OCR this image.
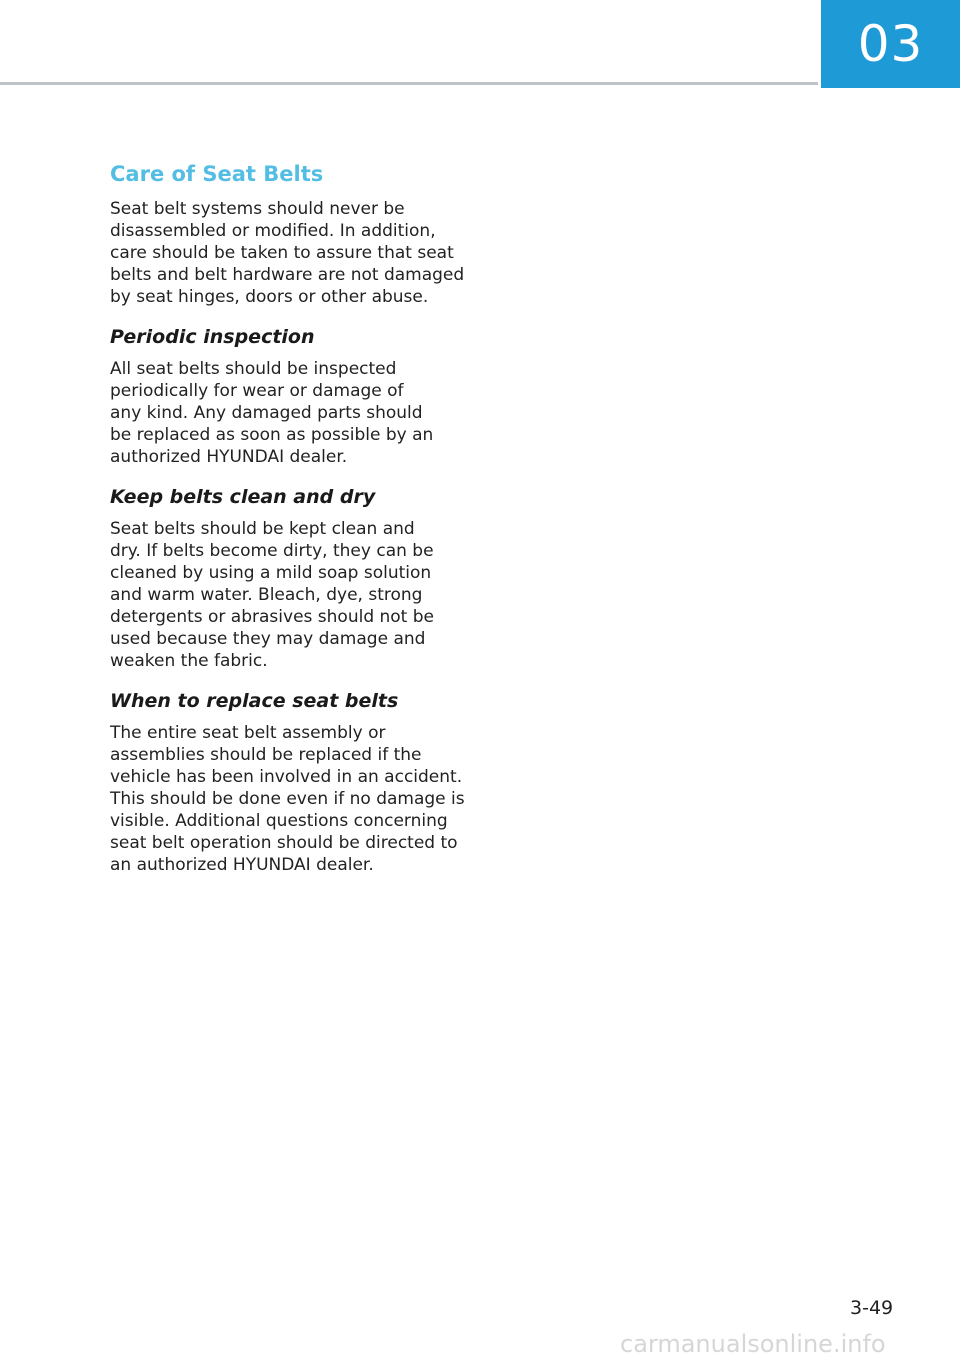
03
Care of Seat Belts

Seat belt systems should never be
disassembled or modified. In addition,
care should be taken to assure that seat
belts and belt hardware are not damaged
by seat hinges, doors or other abuse.

Periodic inspection

All seat belts should be inspected
periodically for wear or damage of
any kind. Any damaged parts should
be replaced as soon as possible by an
authorized HYUNDAI dealer.

Keep belts clean and dry

Seat belts should be kept clean and
dry. If belts become dirty, they can be
cleaned by using a mild soap solution
and warm water. Bleach, dye, strong
detergents or abrasives should not be
used because they may damage and
weaken the fabric.

When to replace seat belts

The entire seat belt assembly or
assemblies should be replaced if the
vehicle has been involved in an accident.
This should be done even if no damage is
visible. Additional questions concerning
seat belt operation should be directed to
an authorized HYUNDAI dealer.

3-49
carmanualsonline.info
